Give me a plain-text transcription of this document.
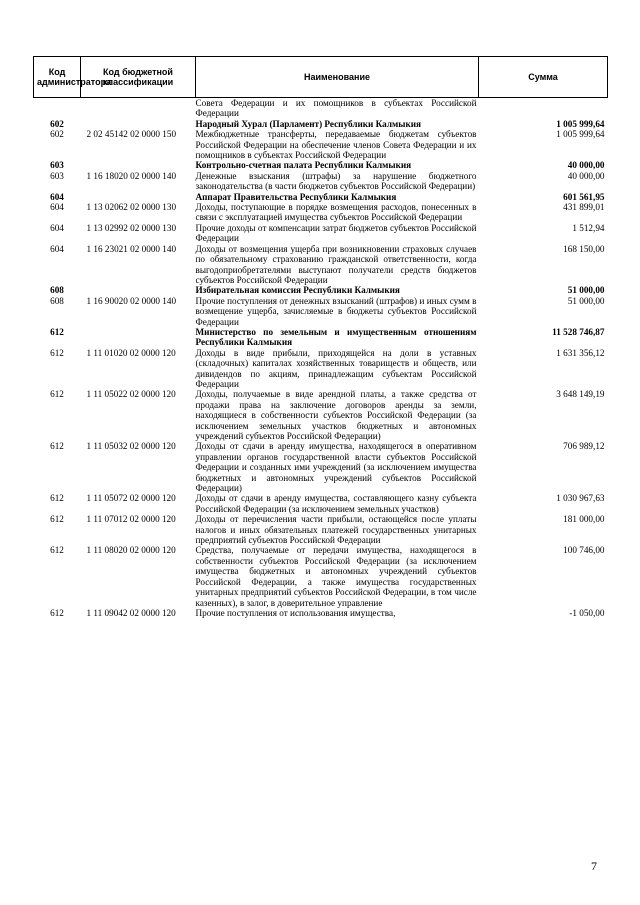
Код администратора	Код бюджетной классификации	Наименование	Сумма
		Совета Федерации и их помощников в субъектах Российской Федерации	
602		Народный Хурал (Парламент) Республики Калмыкия	1 005 999,64
602	2 02 45142 02 0000 150	Межбюджетные трансферты, передаваемые бюджетам субъектов Российской Федерации на обеспечение членов Совета Федерации и их помощников в субъектах Российской Федерации	1 005 999,64
603		Контрольно-счетная палата Республики Калмыкия	40 000,00
603	1 16 18020 02 0000 140	Денежные взыскания (штрафы) за нарушение бюджетного законодательства (в части бюджетов субъектов Российской Федерации)	40 000,00
604		Аппарат Правительства Республики Калмыкия	601 561,95
604	1 13 02062 02 0000 130	Доходы, поступающие в порядке возмещения расходов, понесенных в связи с эксплуатацией имущества субъектов Российской Федерации	431 899,01
604	1 13 02992 02 0000 130	Прочие доходы от компенсации затрат бюджетов субъектов Российской Федерации	1 512,94
604	1 16 23021 02 0000 140	Доходы от возмещения ущерба при возникновении страховых случаев по обязательному страхованию гражданской ответственности, когда выгодоприобретателями выступают получатели средств бюджетов субъектов Российской Федерации	168 150,00
608		Избирательная комиссия Республики Калмыкия	51 000,00
608	1 16 90020 02 0000 140	Прочие поступления от денежных взысканий (штрафов) и иных сумм в возмещение ущерба, зачисляемые в бюджеты субъектов Российской Федерации	51 000,00
612		Министерство по земельным и имущественным отношениям Республики Калмыкия	11 528 746,87
612	1 11 01020 02 0000 120	Доходы в виде прибыли, приходящейся на доли в уставных (складочных) капиталах хозяйственных товариществ и обществ, или дивидендов по акциям, принадлежащим субъектам Российской Федерации	1 631 356,12
612	1 11 05022 02 0000 120	Доходы, получаемые в виде арендной платы, а также средства от продажи права на заключение договоров аренды за земли, находящиеся в собственности субъектов Российской Федерации (за исключением земельных участков бюджетных и автономных учреждений субъектов Российской Федерации)	3 648 149,19
612	1 11 05032 02 0000 120	Доходы от сдачи в аренду имущества, находящегося в оперативном управлении органов государственной власти субъектов Российской Федерации и созданных ими учреждений (за исключением имущества бюджетных и автономных учреждений субъектов Российской Федерации)	706 989,12
612	1 11 05072 02 0000 120	Доходы от сдачи в аренду имущества, составляющего казну субъекта Российской Федерации (за исключением земельных участков)	1 030 967,63
612	1 11 07012 02 0000 120	Доходы от перечисления части прибыли, остающейся после уплаты налогов и иных обязательных платежей государственных унитарных предприятий субъектов Российской Федерации	181 000,00
612	1 11 08020 02 0000 120	Средства, получаемые от передачи имущества, находящегося в собственности субъектов Российской Федерации (за исключением имущества бюджетных и автономных учреждений субъектов Российской Федерации, а также имущества государственных унитарных предприятий субъектов Российской Федерации, в том числе казенных), в залог, в доверительное управление	100 746,00
612	1 11 09042 02 0000 120	Прочие поступления от использования имущества,	-1 050,00
7
